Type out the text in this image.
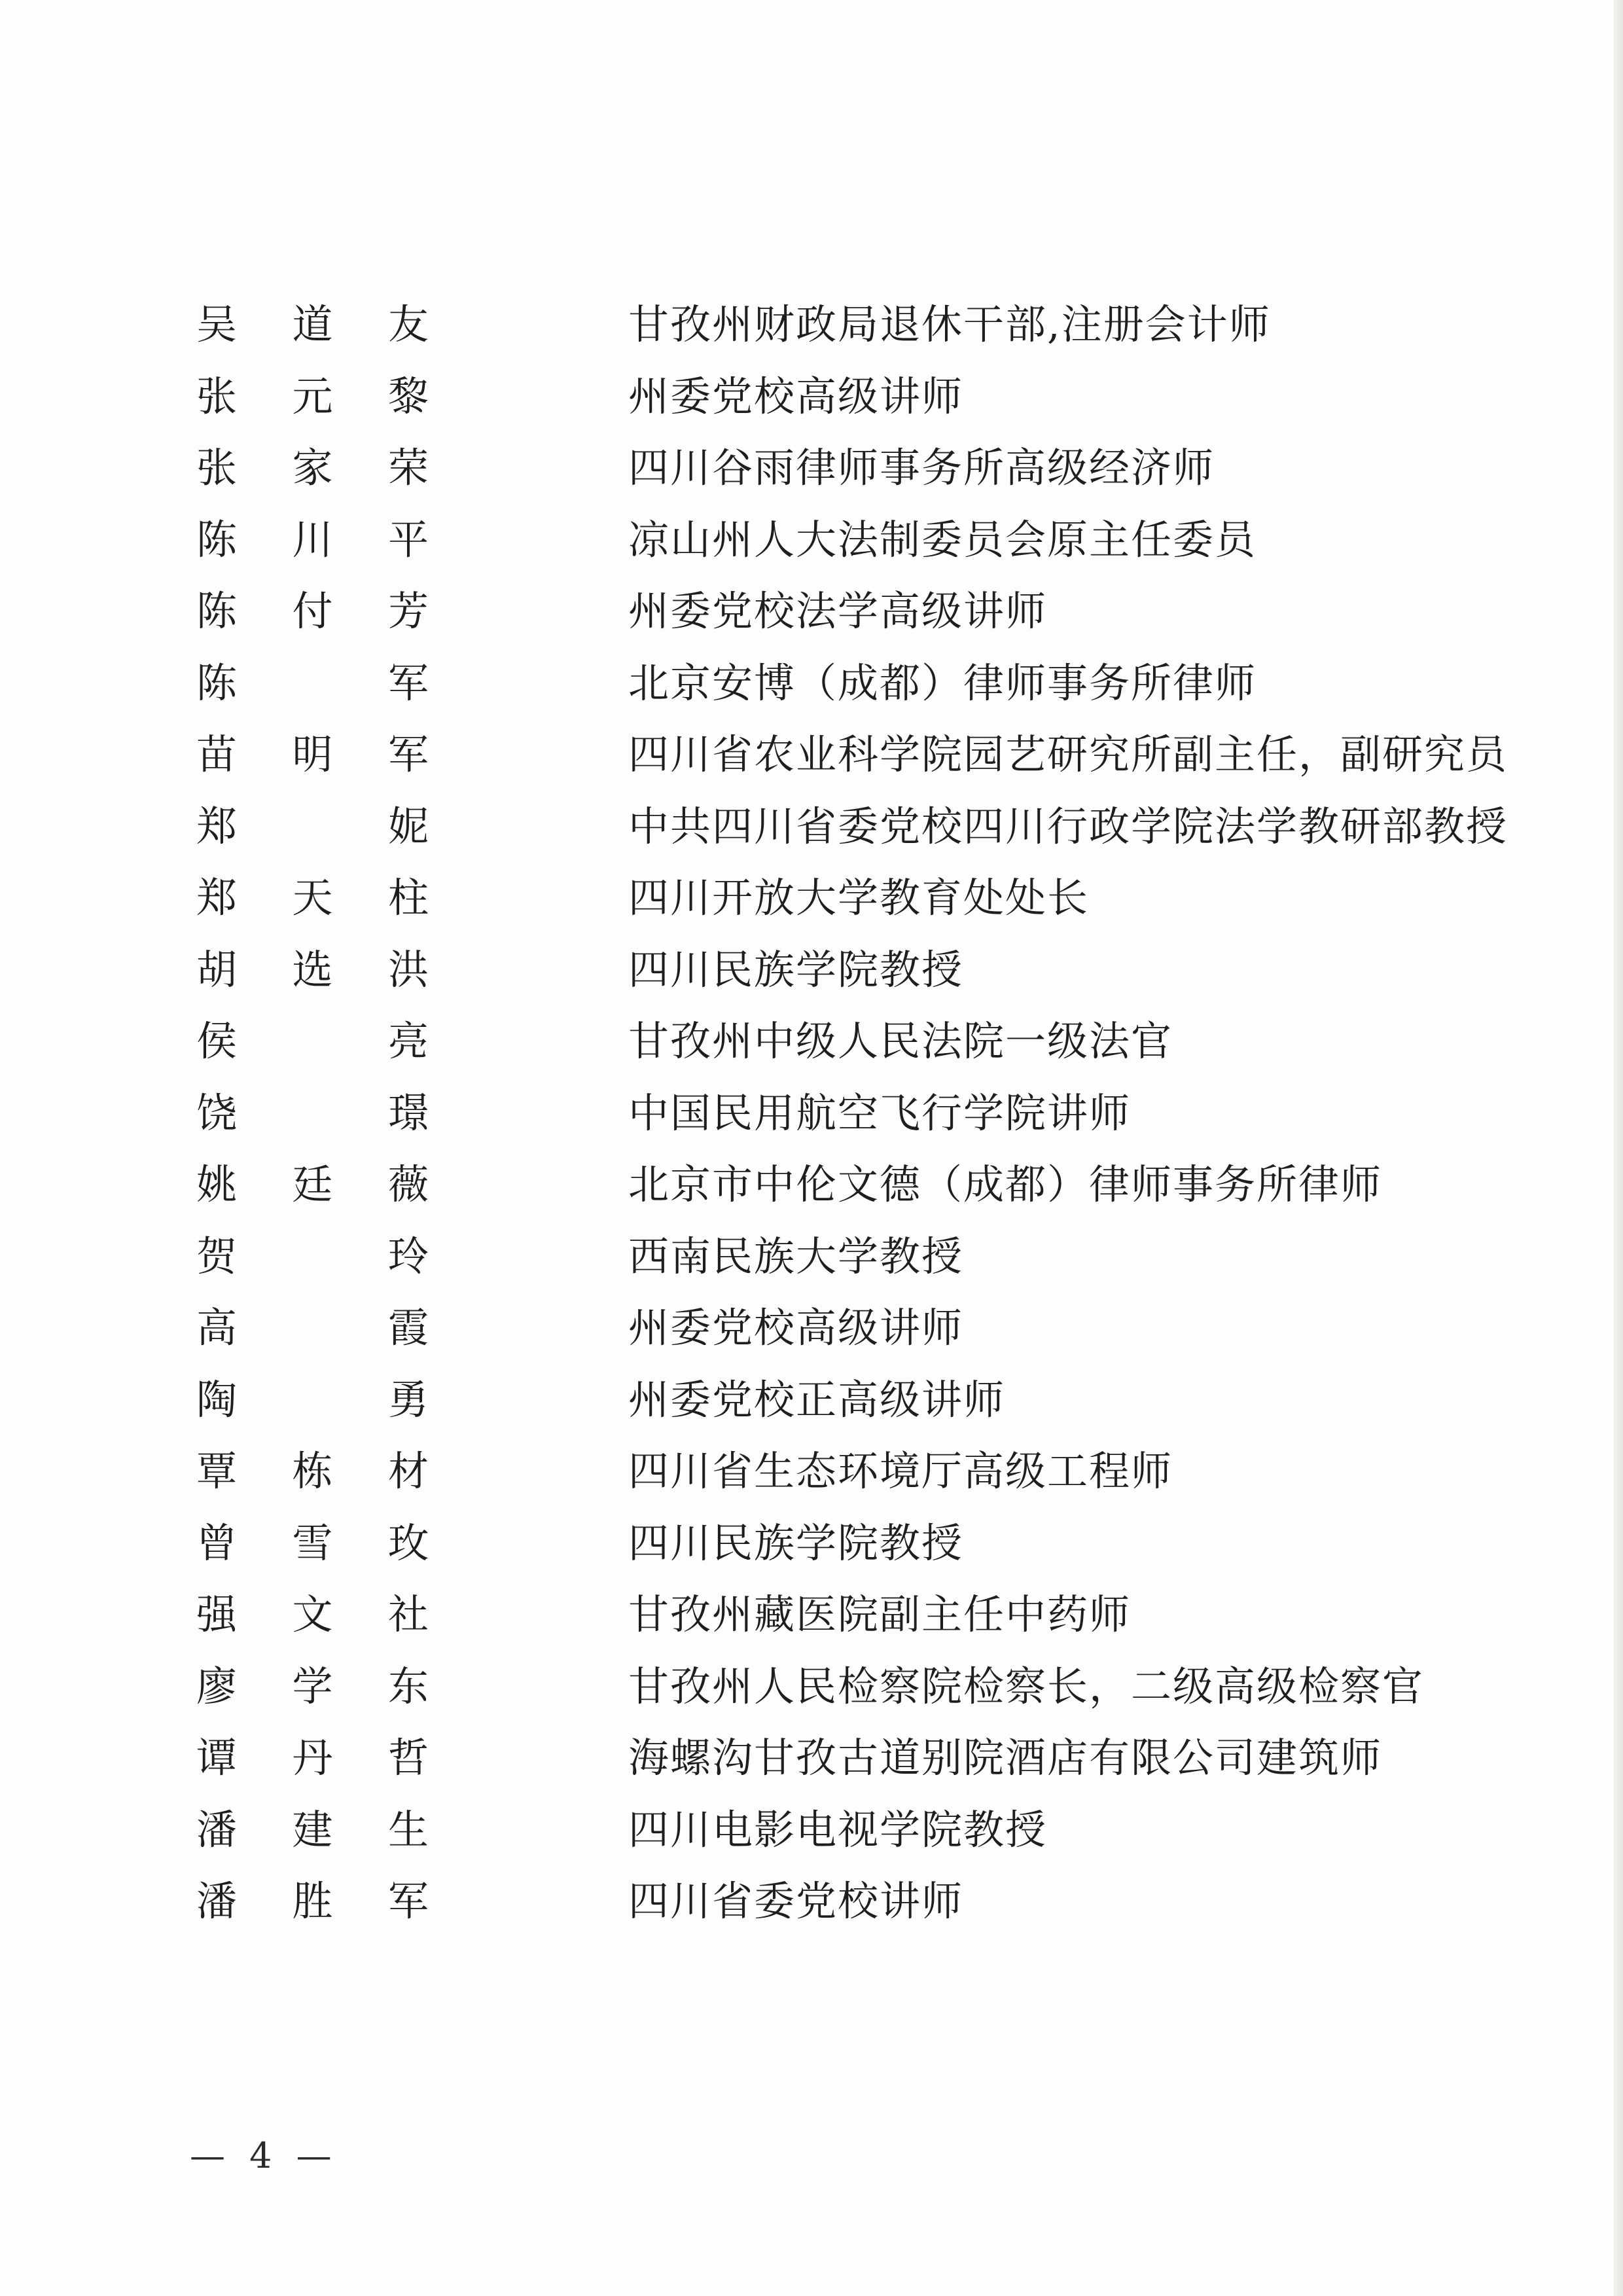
吴 道 友	甘孜州财政局退休干部,注册会计师
张 元 黎	州委党校高级讲师
张 家 荣	四川谷雨律师事务所高级经济师
陈 川 平	凉山州人大法制委员会原主任委员
陈 付 芳	州委党校法学高级讲师
陈	军	北京安博（成都）律师事务所律师
苗 明 军	四川省农业科学院园艺研究所副主任，副研究员
郑	妮	中共四川省委党校四川行政学院法学教研部教授
郑 天 柱	四川开放大学教育处处长
胡 选 洪	四川民族学院教授
侯	亮	甘孜州中级人民法院一级法官
饶	璟	中国民用航空飞行学院讲师
姚 廷 薇	北京市中伦文德（成都）律师事务所律师
贺	玲	西南民族大学教授
高	霞	州委党校高级讲师
陶	勇	州委党校正高级讲师
覃 栋 材	四川省生态环境厅高级工程师
曾 雪 玫	四川民族学院教授
强 文 社	甘孜州藏医院副主任中药师
廖 学 东	甘孜州人民检察院检察长，二级高级检察官
谭 丹 哲	海螺沟甘孜古道别院酒店有限公司建筑师
潘 建 生	四川电影电视学院教授
潘 胜 军	四川省委党校讲师
— 4 —
